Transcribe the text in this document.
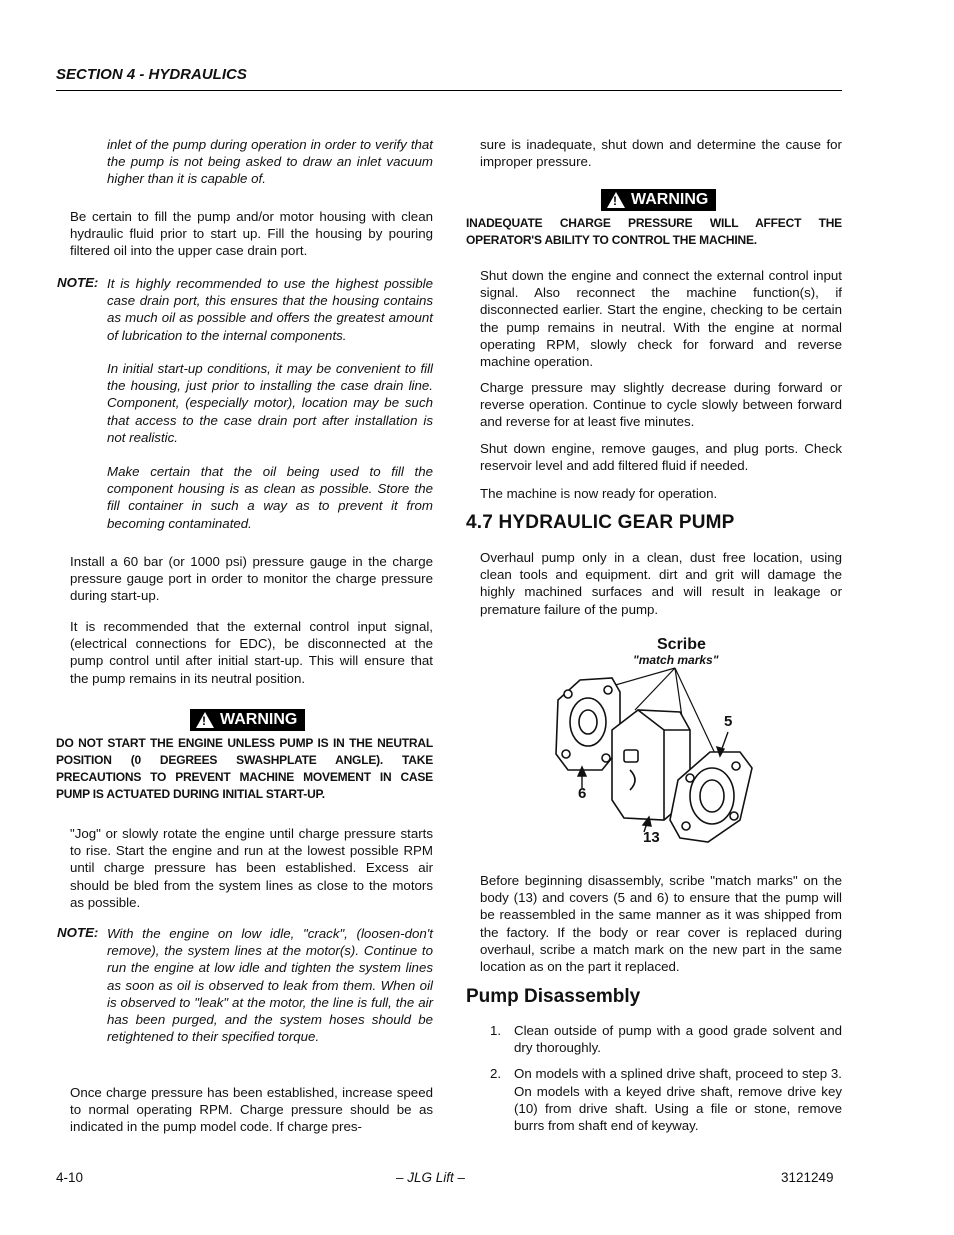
SECTION 4 - HYDRAULICS

inlet of the pump during operation in order to verify that the pump is not being asked to draw an inlet vacuum higher than it is capable of.

Be certain to fill the pump and/or motor housing with clean hydraulic fluid prior to start up. Fill the housing by pouring filtered oil into the upper case drain port.

NOTE: It is highly recommended to use the highest possible case drain port, this ensures that the housing contains as much oil as possible and offers the greatest amount of lubrication to the internal components.

In initial start-up conditions, it may be convenient to fill the housing, just prior to installing the case drain line. Component, (especially motor), location may be such that access to the case drain port after installation is not realistic.

Make certain that the oil being used to fill the component housing is as clean as possible. Store the fill container in such a way as to prevent it from becoming contaminated.

Install a 60 bar (or 1000 psi) pressure gauge in the charge pressure gauge port in order to monitor the charge pressure during start-up.

It is recommended that the external control input signal, (electrical connections for EDC), be disconnected at the pump control until after initial start-up. This will ensure that the pump remains in its neutral position.

! WARNING

DO NOT START THE ENGINE UNLESS PUMP IS IN THE NEUTRAL POSITION (0 DEGREES SWASHPLATE ANGLE). TAKE PRECAUTIONS TO PREVENT MACHINE MOVEMENT IN CASE PUMP IS ACTUATED DURING INITIAL START-UP.

"Jog" or slowly rotate the engine until charge pressure starts to rise. Start the engine and run at the lowest possible RPM until charge pressure has been established. Excess air should be bled from the system lines as close to the motors as possible.

NOTE: With the engine on low idle, "crack", (loosen-don't remove), the system lines at the motor(s). Continue to run the engine at low idle and tighten the system lines as soon as oil is observed to leak from them. When oil is observed to "leak" at the motor, the line is full, the air has been purged, and the system hoses should be retightened to their specified torque.

Once charge pressure has been established, increase speed to normal operating RPM. Charge pressure should be as indicated in the pump model code. If charge pres-

sure is inadequate, shut down and determine the cause for improper pressure.

! WARNING

INADEQUATE CHARGE PRESSURE WILL AFFECT THE OPERATOR'S ABILITY TO CONTROL THE MACHINE.

Shut down the engine and connect the external control input signal. Also reconnect the machine function(s), if disconnected earlier. Start the engine, checking to be certain the pump remains in neutral. With the engine at normal operating RPM, slowly check for forward and reverse machine operation.

Charge pressure may slightly decrease during forward or reverse operation. Continue to cycle slowly between forward and reverse for at least five minutes.

Shut down engine, remove gauges, and plug ports. Check reservoir level and add filtered fluid if needed.

The machine is now ready for operation.

4.7 HYDRAULIC GEAR PUMP

Overhaul pump only in a clean, dust free location, using clean tools and equipment. dirt and grit will damage the highly machined surfaces and will result in leakage or premature failure of the pump.

Scribe
"match marks"
5
6
13

Before beginning disassembly, scribe "match marks" on the body (13) and covers (5 and 6) to ensure that the pump will be reassembled in the same manner as it was shipped from the factory. If the body or rear cover is replaced during overhaul, scribe a match mark on the new part in the same location as on the part it replaced.

Pump Disassembly
1. Clean outside of pump with a good grade solvent and dry thoroughly.
2. On models with a splined drive shaft, proceed to step 3. On models with a keyed drive shaft, remove drive key (10) from drive shaft. Using a file or stone, remove burrs from shaft end of keyway.
4-10	– JLG Lift –	3121249
